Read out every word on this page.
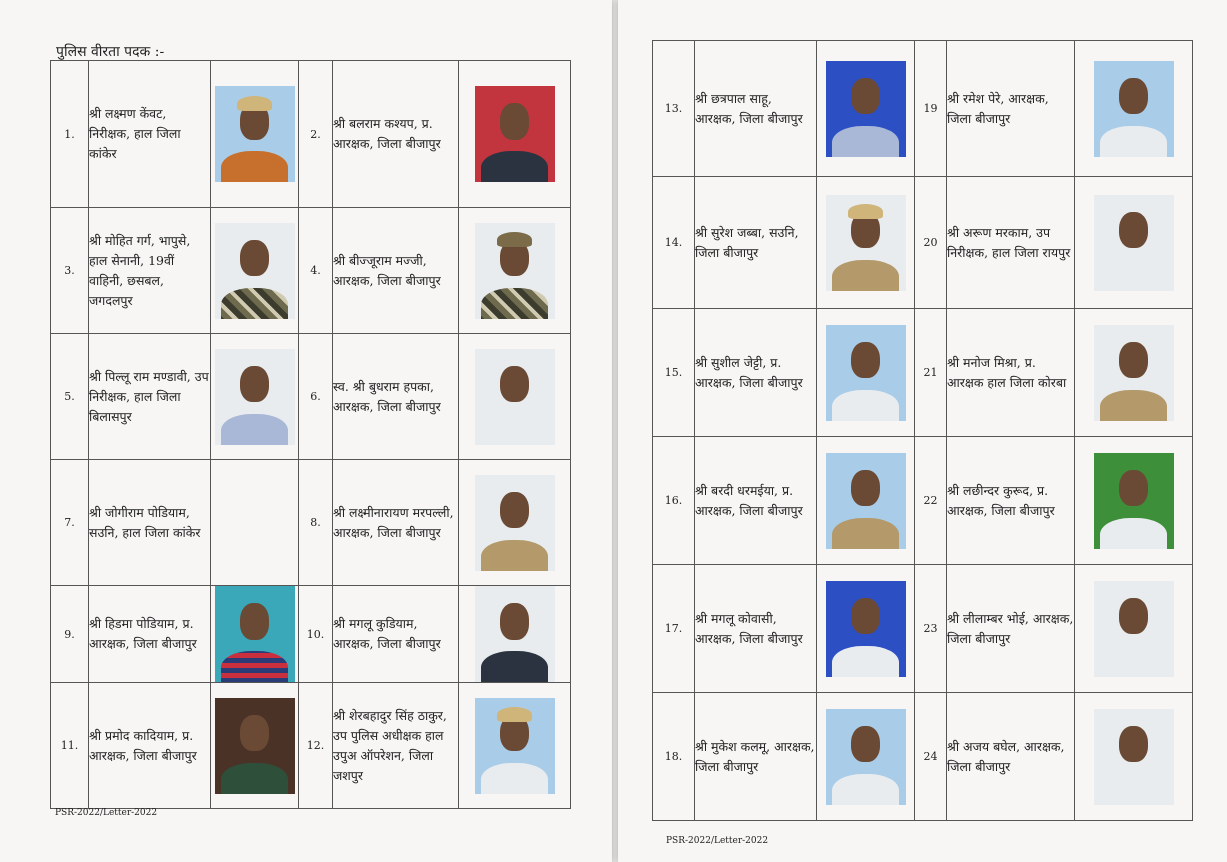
पुलिस वीरता पदक :-
1.	श्री लक्ष्मण केंवट, निरीक्षक, हाल जिला कांकेर		2.	श्री बलराम कश्यप, प्र. आरक्षक, जिला बीजापुर	

3.	श्री मोहित गर्ग, भापुसे, हाल सेनानी, 19वीं वाहिनी, छसबल, जगदलपुर		4.	श्री बीज्जूराम मज्जी, आरक्षक, जिला बीजापुर	

5.	श्री पिल्लू राम मण्डावी, उप निरीक्षक, हाल जिला बिलासपुर		6.	स्व. श्री बुधराम हपका, आरक्षक, जिला बीजापुर	

7.	श्री जोगीराम पोडियाम, सउनि, हाल जिला कांकेर		8.	श्री लक्ष्मीनारायण मरपल्ली, आरक्षक, जिला बीजापुर	

9.	श्री हिडमा पोडियाम, प्र. आरक्षक, जिला बीजापुर		10.	श्री मगलू कुडियाम, आरक्षक, जिला बीजापुर	

11.	श्री प्रमोद कादियाम, प्र. आरक्षक, जिला बीजापुर		12.	श्री शेरबहादुर सिंह ठाकुर, उप पुलिस अधीक्षक हाल उपुअ ऑपरेशन, जिला जशपुर	
PSR-2022/Letter-2022
13.	श्री छत्रपाल साहू, आरक्षक, जिला बीजापुर		19	श्री रमेश पेरे, आरक्षक, जिला बीजापुर	

14.	श्री सुरेश जब्बा, सउनि, जिला बीजापुर		20	श्री अरूण मरकाम, उप निरीक्षक, हाल जिला रायपुर	

15.	श्री सुशील जेट्टी, प्र. आरक्षक, जिला बीजापुर		21	श्री मनोज मिश्रा, प्र. आरक्षक हाल जिला कोरबा	

16.	श्री बरदी धरमईया, प्र. आरक्षक, जिला बीजापुर		22	श्री लछीन्दर कुरूद, प्र. आरक्षक, जिला बीजापुर	

17.	श्री मगलू कोवासी, आरक्षक, जिला बीजापुर		23	श्री लीलाम्बर भोई, आरक्षक, जिला बीजापुर	

18.	श्री मुकेश कलमू, आरक्षक, जिला बीजापुर		24	श्री अजय बघेल, आरक्षक, जिला बीजापुर	
PSR-2022/Letter-2022
